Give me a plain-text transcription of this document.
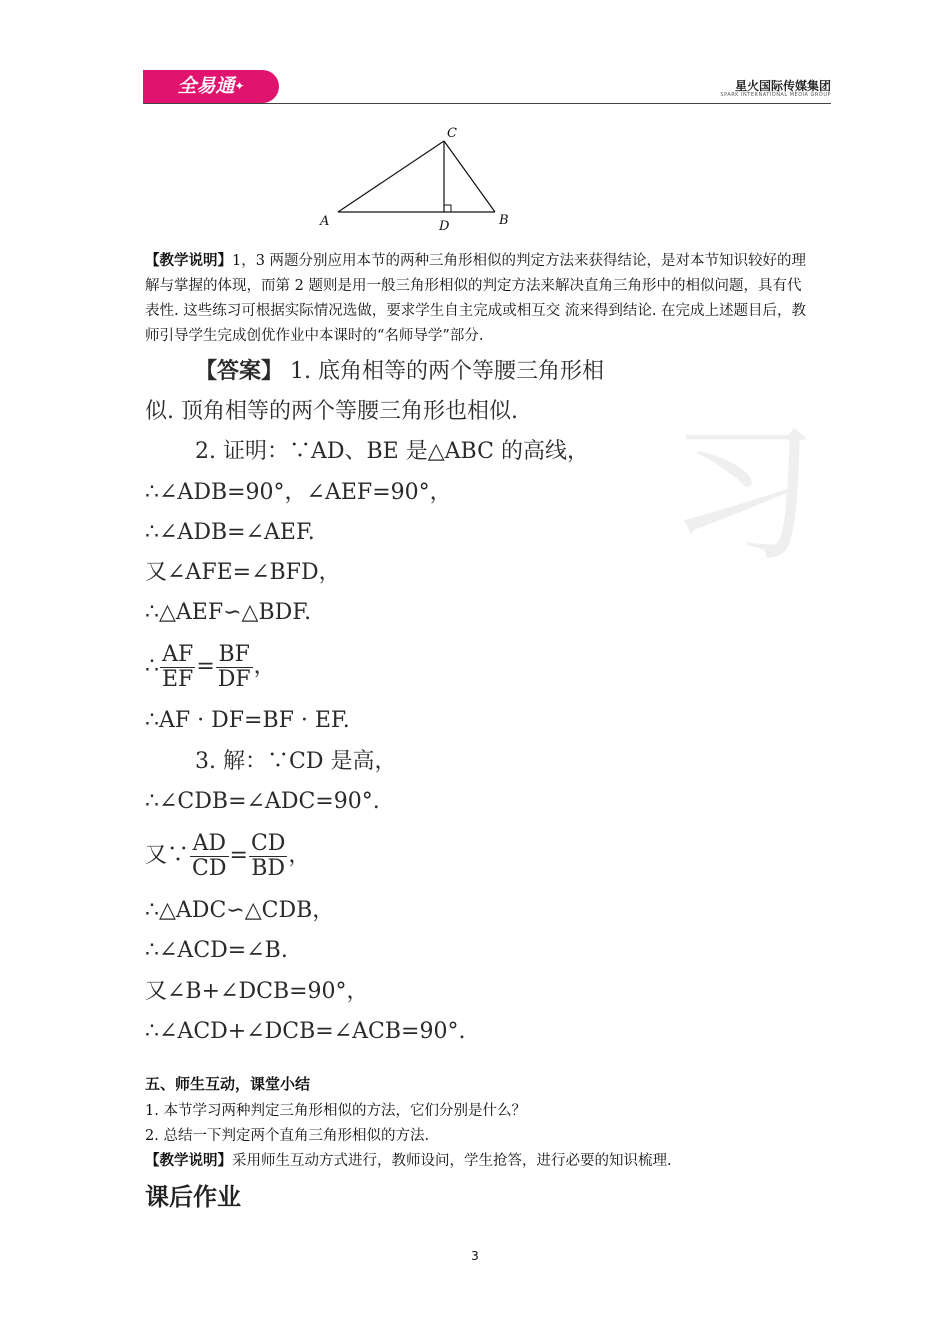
全易通✦	星火国际传媒集团
SPARK INTERNATIONAL MEDIA GROUP
A	B
C
D

【教学说明】1，3 两题分别应用本节的两种三角形相似的判定方法来获得结论，是对本节知识较好的理解与掌握的体现，而第 2 题则是用一般三角形相似的判定方法来解决直角三角形中的相似问题，具有代表性. 这些练习可根据实际情况选做，要求学生自主完成或相互交 流来得到结论. 在完成上述题目后，教师引导学生完成创优作业中本课时的“名师导学”部分.

习
【答案】 1. 底角相等的两个等腰三角形相
似. 顶角相等的两个等腰三角形也相似.
2. 证明：∵AD、BE 是△ABC 的高线，
∴∠ADB=90°，∠AEF=90°，
∴∠ADB=∠AEF.
又∠AFE=∠BFD，
∴△AEF∽△BDF.
∴ $\frac{AF}{EF} = \frac{BF}{DF}$ ，
∴AF · DF=BF · EF.
3. 解：∵CD 是高，
∴∠CDB=∠ADC=90°.
又∵ $\frac{AD}{CD} = \frac{CD}{BD}$ ，
∴△ADC∽△CDB，
∴∠ACD=∠B.
又∠B+∠DCB=90°，
∴∠ACD+∠DCB=∠ACB=90°.
五、师生互动，课堂小结
1. 本节学习两种判定三角形相似的方法，它们分别是什么？
2. 总结一下判定两个直角三角形相似的方法.
【教学说明】采用师生互动方式进行，教师设问，学生抢答，进行必要的知识梳理.
课后作业
3
